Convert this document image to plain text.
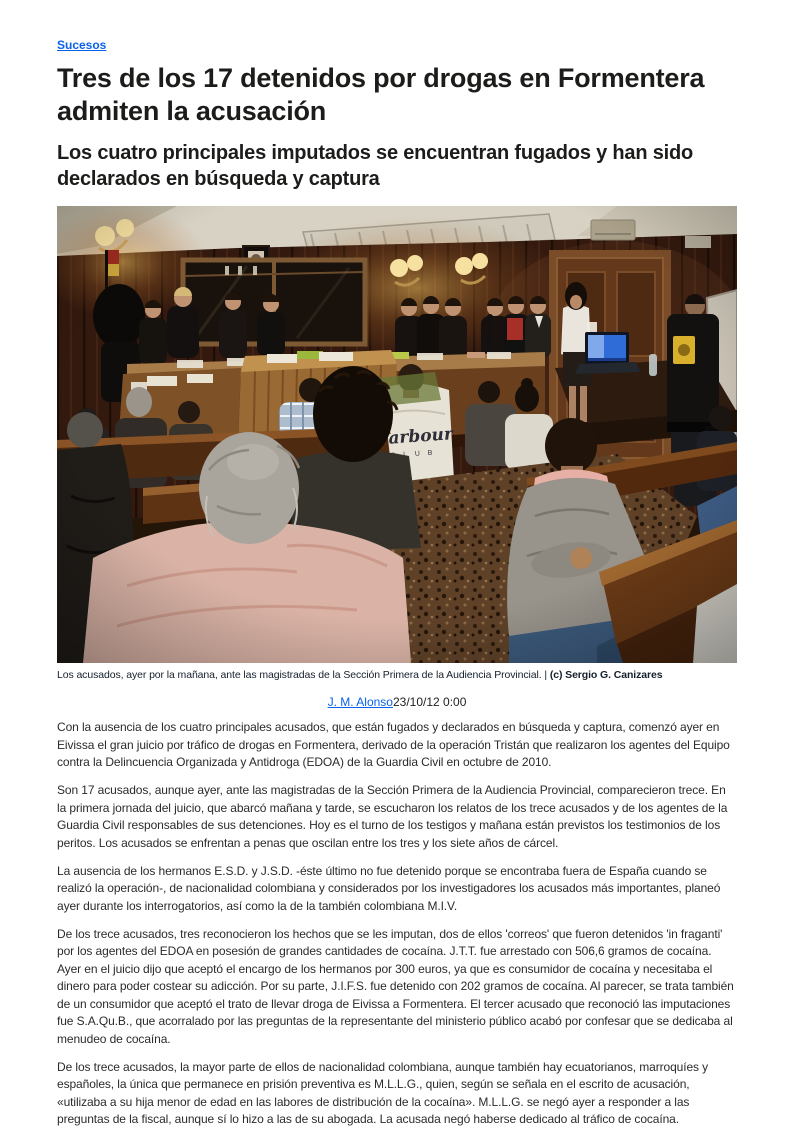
Sucesos
Tres de los 17 detenidos por drogas en Formentera admiten la acusación
Los cuatro principales imputados se encuentran fugados y han sido declarados en búsqueda y captura
Los acusados, ayer por la mañana, ante las magistradas de la Sección Primera de la Audiencia Provincial. | (c) Sergio G. Canizares
J. M. Alonso23/10/12 0:00

Con la ausencia de los cuatro principales acusados, que están fugados y declarados en búsqueda y captura, comenzó ayer en Eivissa el gran juicio por tráfico de drogas en Formentera, derivado de la operación Tristán que realizaron los agentes del Equipo contra la Delincuencia Organizada y Antidroga (EDOA) de la Guardia Civil en octubre de 2010.

Son 17 acusados, aunque ayer, ante las magistradas de la Sección Primera de la Audiencia Provincial, comparecieron trece. En la primera jornada del juicio, que abarcó mañana y tarde, se escucharon los relatos de los trece acusados y de los agentes de la Guardia Civil responsables de sus detenciones. Hoy es el turno de los testigos y mañana están previstos los testimonios de los peritos. Los acusados se enfrentan a penas que oscilan entre los tres y los siete años de cárcel.

La ausencia de los hermanos E.S.D. y J.S.D. -éste último no fue detenido porque se encontraba fuera de España cuando se realizó la operación-, de nacionalidad colombiana y considerados por los investigadores los acusados más importantes, planeó ayer durante los interrogatorios, así como la de la también colombiana M.I.V.

De los trece acusados, tres reconocieron los hechos que se les imputan, dos de ellos 'correos' que fueron detenidos 'in fraganti' por los agentes del EDOA en posesión de grandes cantidades de cocaína. J.T.T. fue arrestado con 506,6 gramos de cocaína. Ayer en el juicio dijo que aceptó el encargo de los hermanos por 300 euros, ya que es consumidor de cocaína y necesitaba el dinero para poder costear su adicción. Por su parte, J.I.F.S. fue detenido con 202 gramos de cocaína. Al parecer, se trata también de un consumidor que aceptó el trato de llevar droga de Eivissa a Formentera. El tercer acusado que reconoció las imputaciones fue S.A.Qu.B., que acorralado por las preguntas de la representante del ministerio público acabó por confesar que se dedicaba al menudeo de cocaína.

De los trece acusados, la mayor parte de ellos de nacionalidad colombiana, aunque también hay ecuatorianos, marroquíes y españoles, la única que permanece en prisión preventiva es M.L.L.G., quien, según se señala en el escrito de acusación, «utilizaba a su hija menor de edad en las labores de distribución de la cocaína». M.L.L.G. se negó ayer a responder a las preguntas de la fiscal, aunque sí lo hizo a las de su abogada. La acusada negó haberse dedicado al tráfico de cocaína.
